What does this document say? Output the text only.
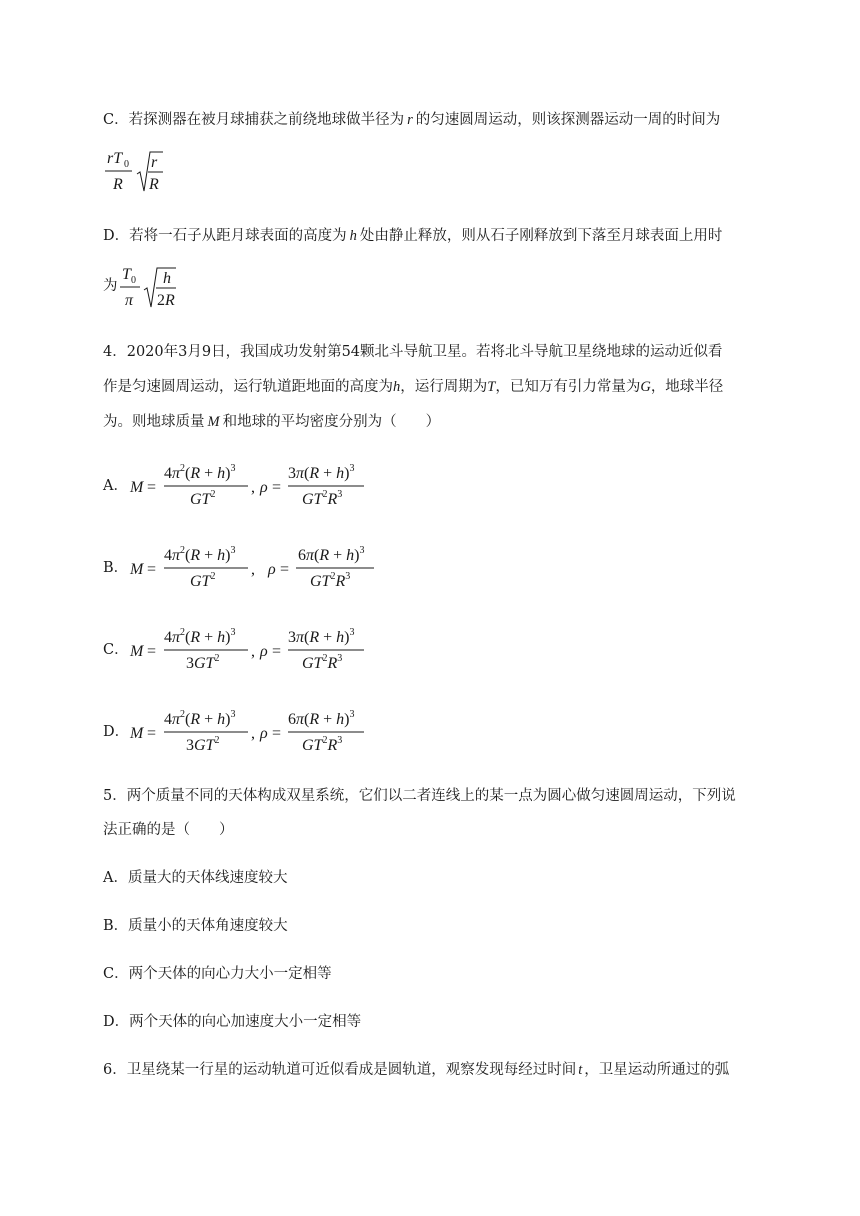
C．若探测器在被月球捕获之前绕地球做半径为 r 的匀速圆周运动，则该探测器运动一周的时间为
rT 0
R
r
R
D．若将一石子从距月球表面的高度为 h 处由静止释放，则从石子刚释放到下落至月球表面上用时
为
T 0
π
h
2R
4．2020年3月9日，我国成功发射第54颗北斗导航卫星。若将北斗导航卫星绕地球的运动近似看
作是匀速圆周运动，运行轨道距地面的高度为h，运行周期为T，已知万有引力常量为G，地球半径
为。则地球质量 M 和地球的平均密度分别为（　　）
A． M =
$4\pi^2(R + h)^3$
$GT^2$ , ρ =
$3\pi(R + h)^3$
$GT^2R^3$
B． M =
$4\pi^2(R + h)^3$
$GT^2$ , ρ =
$6\pi(R + h)^3$
$GT^2R^3$
C． M =
$4\pi^2(R + h)^3$
$3GT^2$ , ρ =
$3\pi(R + h)^3$
$GT^2R^3$
D． M =
$4\pi^2(R + h)^3$
$3GT^2$ , ρ =
$6\pi(R + h)^3$
$GT^2R^3$
5．两个质量不同的天体构成双星系统，它们以二者连线上的某一点为圆心做匀速圆周运动，下列说
法正确的是（　　）
A．质量大的天体线速度较大
B．质量小的天体角速度较大
C．两个天体的向心力大小一定相等
D．两个天体的向心加速度大小一定相等
6．卫星绕某一行星的运动轨道可近似看成是圆轨道，观察发现每经过时间 t ，卫星运动所通过的弧
